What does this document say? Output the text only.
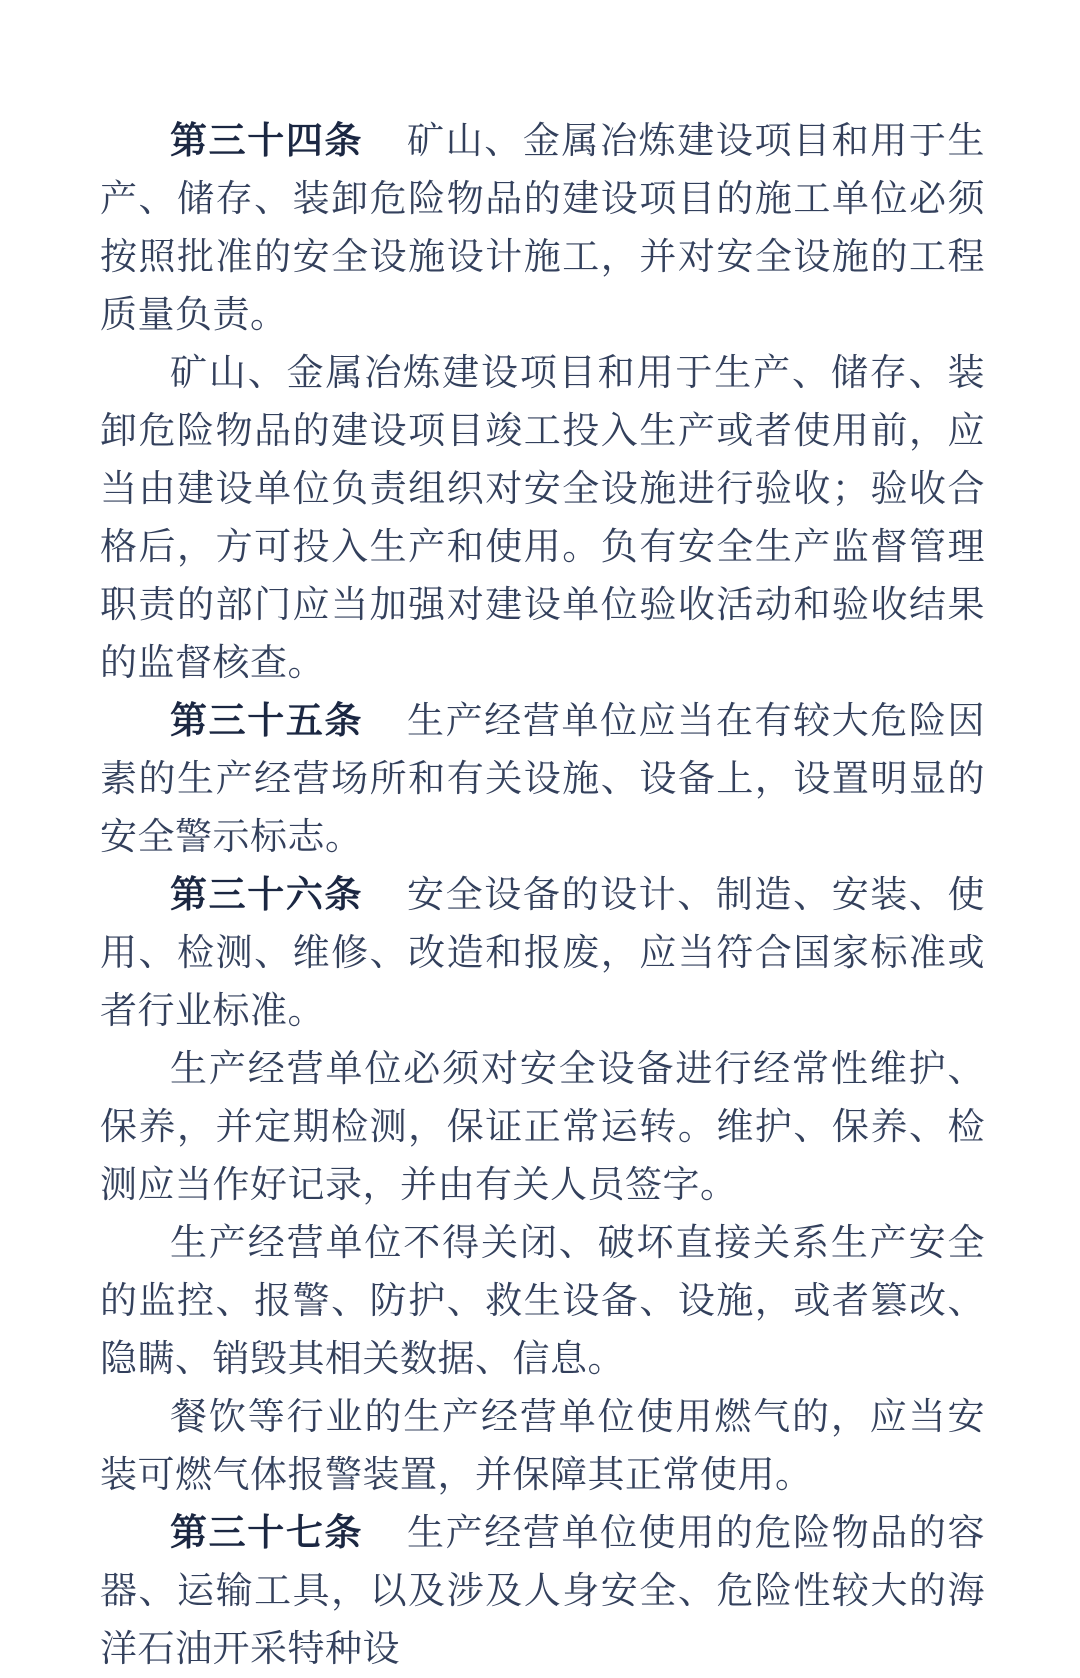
第三十四条 矿山、金属冶炼建设项目和用于生产、储存、装卸危险物品的建设项目的施工单位必须按照批准的安全设施设计施工，并对安全设施的工程质量负责。

矿山、金属冶炼建设项目和用于生产、储存、装卸危险物品的建设项目竣工投入生产或者使用前，应当由建设单位负责组织对安全设施进行验收；验收合格后，方可投入生产和使用。负有安全生产监督管理职责的部门应当加强对建设单位验收活动和验收结果的监督核查。

第三十五条 生产经营单位应当在有较大危险因素的生产经营场所和有关设施、设备上，设置明显的安全警示标志。

第三十六条 安全设备的设计、制造、安装、使用、检测、维修、改造和报废，应当符合国家标准或者行业标准。

生产经营单位必须对安全设备进行经常性维护、保养，并定期检测，保证正常运转。维护、保养、检测应当作好记录，并由有关人员签字。

生产经营单位不得关闭、破坏直接关系生产安全的监控、报警、防护、救生设备、设施，或者篡改、隐瞒、销毁其相关数据、信息。

餐饮等行业的生产经营单位使用燃气的，应当安装可燃气体报警装置，并保障其正常使用。

第三十七条 生产经营单位使用的危险物品的容器、运输工具，以及涉及人身安全、危险性较大的海洋石油开采特种设
